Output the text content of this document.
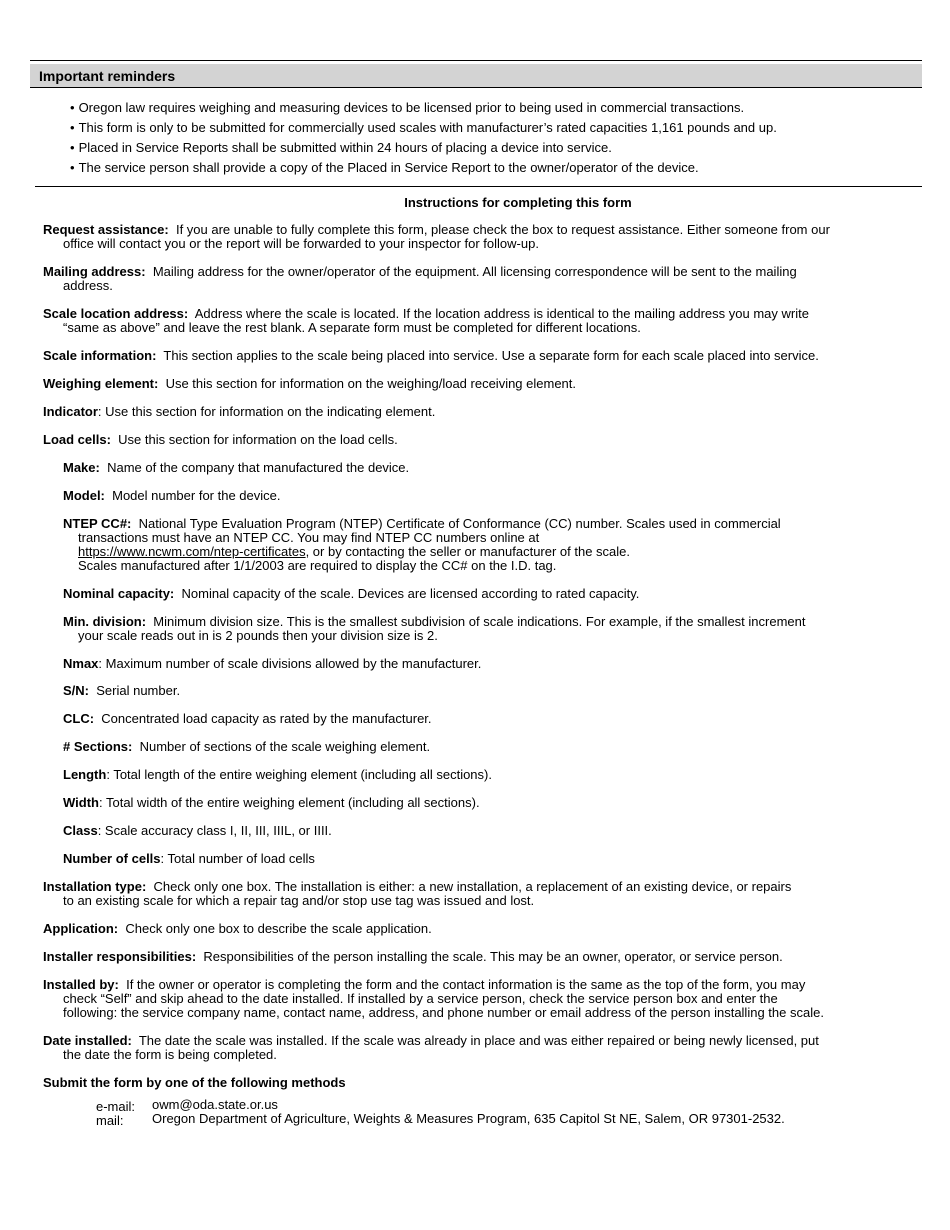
Important reminders
• Oregon law requires weighing and measuring devices to be licensed prior to being used in commercial transactions.
• This form is only to be submitted for commercially used scales with manufacturer’s rated capacities 1,161 pounds and up.
• Placed in Service Reports shall be submitted within 24 hours of placing a device into service.
• The service person shall provide a copy of the Placed in Service Report to the owner/operator of the device.
Instructions for completing this form
Request assistance: If you are unable to fully complete this form, please check the box to request assistance. Either someone from our
office will contact you or the report will be forwarded to your inspector for follow-up.
Mailing address: Mailing address for the owner/operator of the equipment. All licensing correspondence will be sent to the mailing
address.
Scale location address: Address where the scale is located. If the location address is identical to the mailing address you may write
“same as above” and leave the rest blank. A separate form must be completed for different locations.
Scale information: This section applies to the scale being placed into service. Use a separate form for each scale placed into service.
Weighing element: Use this section for information on the weighing/load receiving element.
Indicator: Use this section for information on the indicating element.
Load cells: Use this section for information on the load cells.
Make: Name of the company that manufactured the device.
Model: Model number for the device.
NTEP CC#: National Type Evaluation Program (NTEP) Certificate of Conformance (CC) number. Scales used in commercial
transactions must have an NTEP CC. You may find NTEP CC numbers online at
https://www.ncwm.com/ntep-certificates, or by contacting the seller or manufacturer of the scale.
Scales manufactured after 1/1/2003 are required to display the CC# on the I.D. tag.
Nominal capacity: Nominal capacity of the scale. Devices are licensed according to rated capacity.
Min. division: Minimum division size. This is the smallest subdivision of scale indications. For example, if the smallest increment
your scale reads out in is 2 pounds then your division size is 2.
Nmax: Maximum number of scale divisions allowed by the manufacturer.
S/N: Serial number.
CLC: Concentrated load capacity as rated by the manufacturer.
# Sections: Number of sections of the scale weighing element.
Length: Total length of the entire weighing element (including all sections).
Width: Total width of the entire weighing element (including all sections).
Class: Scale accuracy class I, II, III, IIIL, or IIII.
Number of cells: Total number of load cells
Installation type: Check only one box. The installation is either: a new installation, a replacement of an existing device, or repairs
to an existing scale for which a repair tag and/or stop use tag was issued and lost.
Application: Check only one box to describe the scale application.
Installer responsibilities: Responsibilities of the person installing the scale. This may be an owner, operator, or service person.
Installed by: If the owner or operator is completing the form and the contact information is the same as the top of the form, you may
check “Self” and skip ahead to the date installed. If installed by a service person, check the service person box and enter the
following: the service company name, contact name, address, and phone number or email address of the person installing the scale.
Date installed: The date the scale was installed. If the scale was already in place and was either repaired or being newly licensed, put
the date the form is being completed.
Submit the form by one of the following methods
e-mail: owm@oda.state.or.us
mail: Oregon Department of Agriculture, Weights & Measures Program, 635 Capitol St NE, Salem, OR 97301-2532.
